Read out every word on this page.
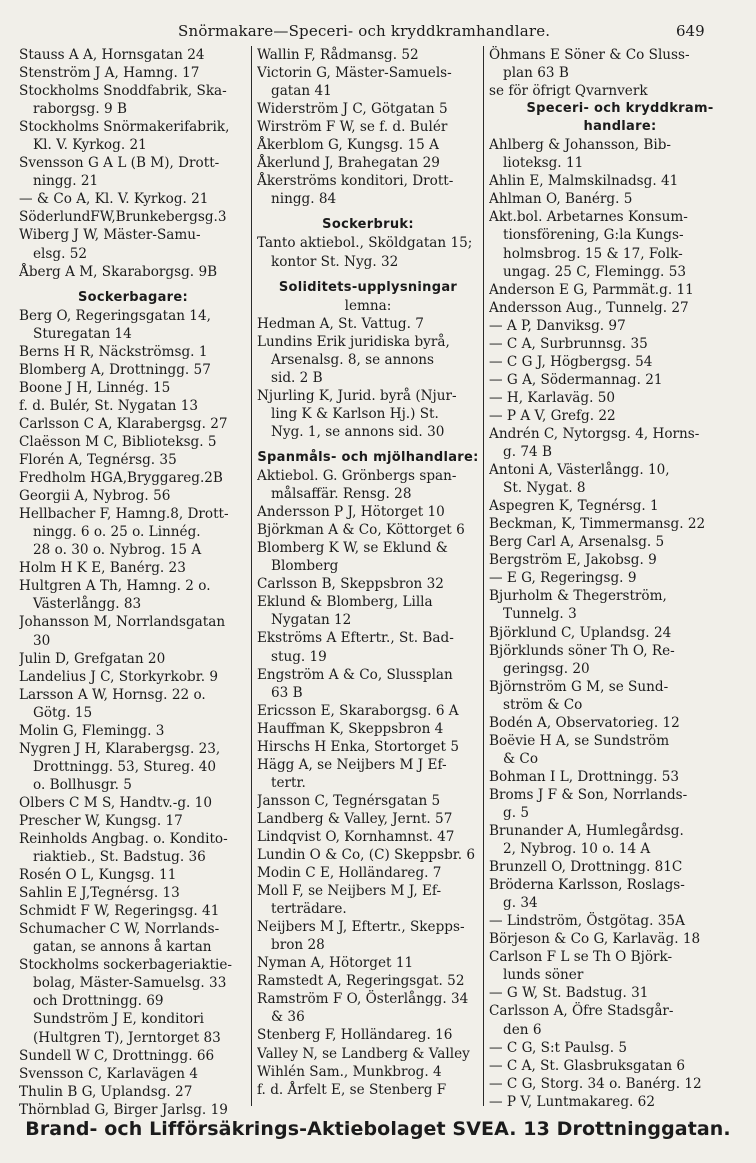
Snörmakare—Speceri- och kryddkramhandlare.	649
Stauss A A, Hornsgatan 24
Stenström J A, Hamng. 17
Stockholms Snoddfabrik, Ska-
raborgsg. 9 B
Stockholms Snörmakerifabrik,
Kl. V. Kyrkog. 21
Svensson G A L (B M), Drott-
ningg. 21
— & Co A, Kl. V. Kyrkog. 21
SöderlundFW,Brunkebergsg.3
Wiberg J W, Mäster-Samu-
elsg. 52
Åberg A M, Skaraborgsg. 9B
Sockerbagare:
Berg O, Regeringsgatan 14,
Sturegatan 14
Berns H R, Näckströmsg. 1
Blomberg A, Drottningg. 57
Boone J H, Linnég. 15
f. d. Bulér, St. Nygatan 13
Carlsson C A, Klarabergsg. 27
Claësson M C, Biblioteksg. 5
Florén A, Tegnérsg. 35
Fredholm HGA,Bryggareg.2B
Georgii A, Nybrog. 56
Hellbacher F, Hamng.8, Drott-
ningg. 6 o. 25 o. Linnég.
28 o. 30 o. Nybrog. 15 A
Holm H K E, Banérg. 23
Hultgren A Th, Hamng. 2 o.
Västerlångg. 83
Johansson M, Norrlandsgatan
30
Julin D, Grefgatan 20
Landelius J C, Storkyrkobr. 9
Larsson A W, Hornsg. 22 o.
Götg. 15
Molin G, Flemingg. 3
Nygren J H, Klarabergsg. 23,
Drottningg. 53, Stureg. 40
o. Bollhusgr. 5
Olbers C M S, Handtv.-g. 10
Prescher W, Kungsg. 17
Reinholds Angbag. o. Kondito-
riaktieb., St. Badstug. 36
Rosén O L, Kungsg. 11
Sahlin E J,Tegnérsg. 13
Schmidt F W, Regeringsg. 41
Schumacher C W, Norrlands-
gatan, se annons å kartan
Stockholms sockerbageriaktie-
bolag, Mäster-Samuelsg. 33
och Drottningg. 69
Sundström J E, konditori
(Hultgren T), Jerntorget 83
Sundell W C, Drottningg. 66
Svensson C, Karlavägen 4
Thulin B G, Uplandsg. 27
Thörnblad G, Birger Jarlsg. 19
Wallin F, Rådmansg. 52
Victorin G, Mäster-Samuels-
gatan 41
Widerström J C, Götgatan 5
Wirström F W, se f. d. Bulér
Åkerblom G, Kungsg. 15 A
Åkerlund J, Brahegatan 29
Åkerströms konditori, Drott-
ningg. 84
Sockerbruk:
Tanto aktiebol., Sköldgatan 15;
kontor St. Nyg. 32
Soliditets-upplysningar
lemna:
Hedman A, St. Vattug. 7
Lundins Erik juridiska byrå,
Arsenalsg. 8, se annons
sid. 2 B
Njurling K, Jurid. byrå (Njur-
ling K & Karlson Hj.) St.
Nyg. 1, se annons sid. 30
Spanmåls- och mjölhandlare:
Aktiebol. G. Grönbergs span-
målsaffär. Rensg. 28
Andersson P J, Hötorget 10
Björkman A & Co, Köttorget 6
Blomberg K W, se Eklund &
Blomberg
Carlsson B, Skeppsbron 32
Eklund & Blomberg, Lilla
Nygatan 12
Ekströms A Eftertr., St. Bad-
stug. 19
Engström A & Co, Slussplan
63 B
Ericsson E, Skaraborgsg. 6 A
Hauffman K, Skeppsbron 4
Hirschs H Enka, Stortorget 5
Hägg A, se Neijbers M J Ef-
tertr.
Jansson C, Tegnérsgatan 5
Landberg & Valley, Jernt. 57
Lindqvist O, Kornhamnst. 47
Lundin O & Co, (C) Skeppsbr. 6
Modin C E, Holländareg. 7
Moll F, se Neijbers M J, Ef-
terträdare.
Neijbers M J, Eftertr., Skepps-
bron 28
Nyman A, Hötorget 11
Ramstedt A, Regeringsgat. 52
Ramström F O, Österlångg. 34
& 36
Stenberg F, Holländareg. 16
Valley N, se Landberg & Valley
Wihlén Sam., Munkbrog. 4
f. d. Årfelt E, se Stenberg F
Öhmans E Söner & Co Sluss-
plan 63 B
se för öfrigt Qvarnverk
Speceri- och kryddkram-
handlare:
Ahlberg & Johansson, Bib-
lioteksg. 11
Ahlin E, Malmskilnadsg. 41
Ahlman O, Banérg. 5
Akt.bol. Arbetarnes Konsum-
tionsförening, G:la Kungs-
holmsbrog. 15 & 17, Folk-
ungag. 25 C, Flemingg. 53
Anderson E G, Parmmät.g. 11
Andersson Aug., Tunnelg. 27
— A P, Danviksg. 97
— C A, Surbrunnsg. 35
— C G J, Högbergsg. 54
— G A, Södermannag. 21
— H, Karlaväg. 50
— P A V, Grefg. 22
Andrén C, Nytorgsg. 4, Horns-
g. 74 B
Antoni A, Västerlångg. 10,
St. Nygat. 8
Aspegren K, Tegnérsg. 1
Beckman, K, Timmermansg. 22
Berg Carl A, Arsenalsg. 5
Bergström E, Jakobsg. 9
— E G, Regeringsg. 9
Bjurholm & Thegerström,
Tunnelg. 3
Björklund C, Uplandsg. 24
Björklunds söner Th O, Re-
geringsg. 20
Björnström G M, se Sund-
ström & Co
Bodén A, Observatorieg. 12
Boëvie H A, se Sundström
& Co
Bohman I L, Drottningg. 53
Broms J F & Son, Norrlands-
g. 5
Brunander A, Humlegårdsg.
2, Nybrog. 10 o. 14 A
Brunzell O, Drottningg. 81C
Bröderna Karlsson, Roslags-
g. 34
— Lindström, Östgötag. 35A
Börjeson & Co G, Karlaväg. 18
Carlson F L se Th O Björk-
lunds söner
— G W, St. Badstug. 31
Carlsson A, Öfre Stadsgår-
den 6
— C G, S:t Paulsg. 5
— C A, St. Glasbruksgatan 6
— C G, Storg. 34 o. Banérg. 12
— P V, Luntmakareg. 62
Brand- och Lifförsäkrings-Aktiebolaget SVEA. 13 Drottninggatan.
